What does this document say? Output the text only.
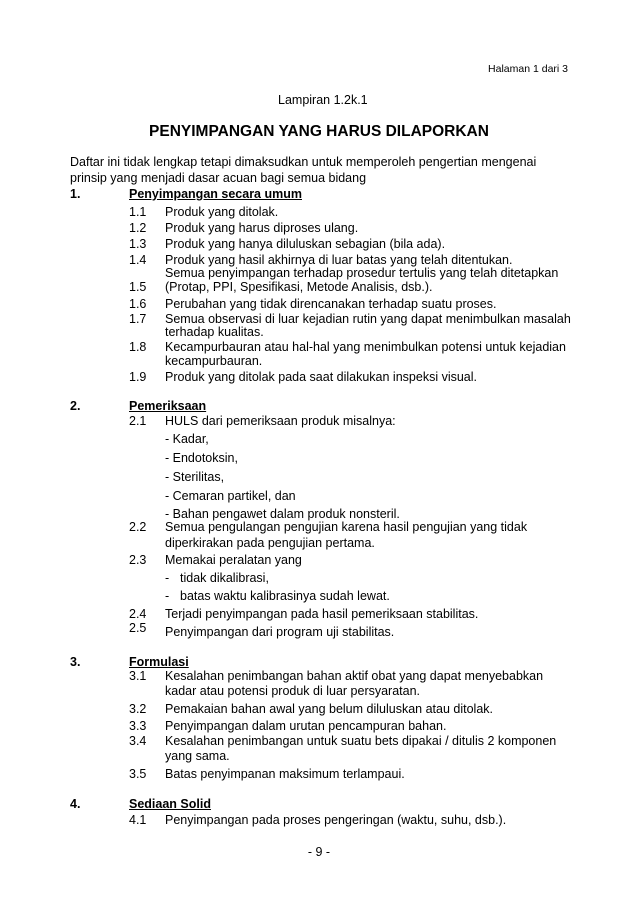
Halaman 1 dari 3
Lampiran 1.2k.1
PENYIMPANGAN YANG HARUS DILAPORKAN
Daftar ini tidak lengkap tetapi dimaksudkan untuk memperoleh pengertian mengenai
prinsip yang menjadi dasar acuan bagi semua bidang
1.	Penyimpangan secara umum
1.1 Produk yang ditolak.
1.2 Produk yang harus diproses ulang.
1.3 Produk yang hanya diluluskan sebagian (bila ada).
1.4 Produk yang hasil akhirnya di luar batas yang telah ditentukan.
Semua penyimpangan terhadap prosedur tertulis yang telah ditetapkan
1.5 (Protap, PPI, Spesifikasi, Metode Analisis, dsb.).
1.6 Perubahan yang tidak direncanakan terhadap suatu proses.
1.7 Semua observasi di luar kejadian rutin yang dapat menimbulkan masalah
terhadap kualitas.
1.8 Kecampurbauran atau hal-hal yang menimbulkan potensi untuk kejadian
kecampurbauran.
1.9 Produk yang ditolak pada saat dilakukan inspeksi visual.
2.	Pemeriksaan
2.1 HULS dari pemeriksaan produk misalnya:
- Kadar,
- Endotoksin,
- Sterilitas,
- Cemaran partikel, dan
- Bahan pengawet dalam produk nonsteril.
2.2 Semua pengulangan pengujian karena hasil pengujian yang tidak
diperkirakan pada pengujian pertama.
2.3 Memakai peralatan yang
- tidak dikalibrasi,
- batas waktu kalibrasinya sudah lewat.
2.4 Terjadi penyimpangan pada hasil pemeriksaan stabilitas.
2.5 Penyimpangan dari program uji stabilitas.
3.	Formulasi
3.1 Kesalahan penimbangan bahan aktif obat yang dapat menyebabkan
kadar atau potensi produk di luar persyaratan.
3.2 Pemakaian bahan awal yang belum diluluskan atau ditolak.
3.3 Penyimpangan dalam urutan pencampuran bahan.
3.4 Kesalahan penimbangan untuk suatu bets dipakai / ditulis 2 komponen
yang sama.
3.5 Batas penyimpanan maksimum terlampaui.
4.	Sediaan Solid
4.1 Penyimpangan pada proses pengeringan (waktu, suhu, dsb.).
- 9 -
